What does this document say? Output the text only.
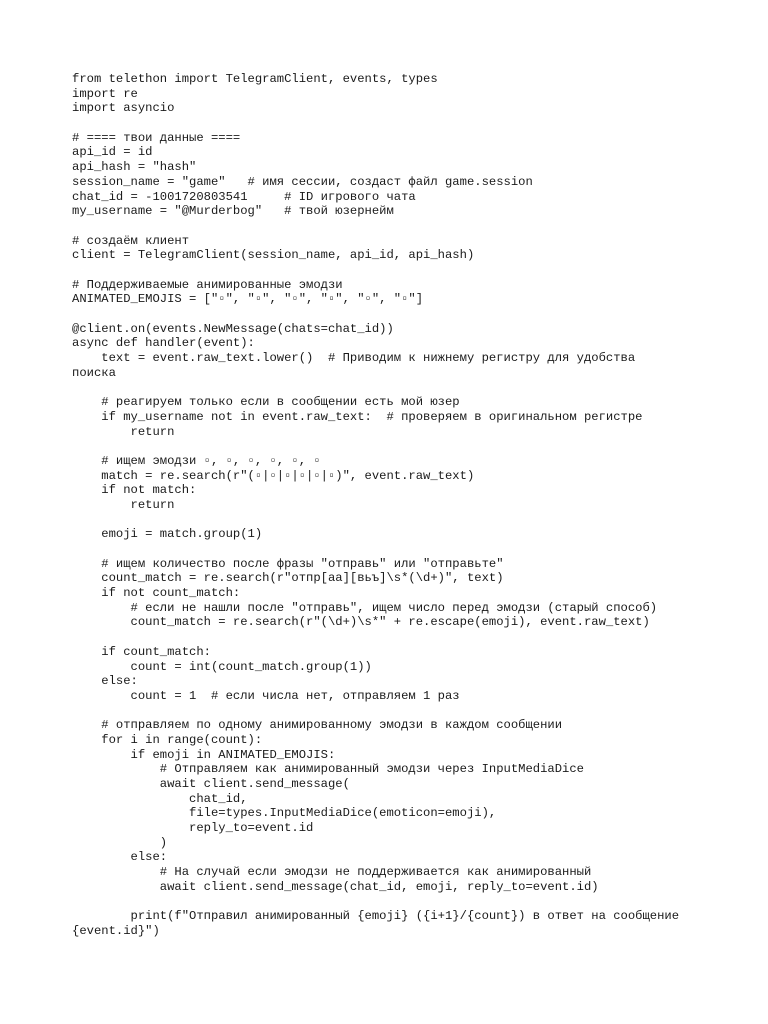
from telethon import TelegramClient, events, types
import re
import asyncio
# ==== твои данные ====
api_id = id
api_hash = "hash"
session_name = "game"   # имя сессии, создаст файл game.session
chat_id = -1001720803541     # ID игрового чата
my_username = "@Murderbog"   # твой юзернейм
# создаём клиент
client = TelegramClient(session_name, api_id, api_hash)
# Поддерживаемые анимированные эмодзи
ANIMATED_EMOJIS = ["▫", "▫", "▫", "▫", "▫", "▫"]
@client.on(events.NewMessage(chats=chat_id))
async def handler(event):
text = event.raw_text.lower()  # Приводим к нижнему регистру для удобства
поиска
# реагируем только если в сообщении есть мой юзер
if my_username not in event.raw_text:  # проверяем в оригинальном регистре
return
# ищем эмодзи ▫, ▫, ▫, ▫, ▫, ▫
match = re.search(r"(▫|▫|▫|▫|▫|▫)", event.raw_text)
if not match:
return
emoji = match.group(1)
# ищем количество после фразы "отправь" или "отправьте"
count_match = re.search(r"отпр[аа][вьъ]\s*(\d+)", text)
if not count_match:
# если не нашли после "отправь", ищем число перед эмодзи (старый способ)
count_match = re.search(r"(\d+)\s*" + re.escape(emoji), event.raw_text)
if count_match:
count = int(count_match.group(1))
else:
count = 1  # если числа нет, отправляем 1 раз
# отправляем по одному анимированному эмодзи в каждом сообщении
for i in range(count):
if emoji in ANIMATED_EMOJIS:
# Отправляем как анимированный эмодзи через InputMediaDice
await client.send_message(
chat_id,
file=types.InputMediaDice(emoticon=emoji),
reply_to=event.id
)
else:
# На случай если эмодзи не поддерживается как анимированный
await client.send_message(chat_id, emoji, reply_to=event.id)
print(f"Отправил анимированный {emoji} ({i+1}/{count}) в ответ на сообщение
{event.id}")
